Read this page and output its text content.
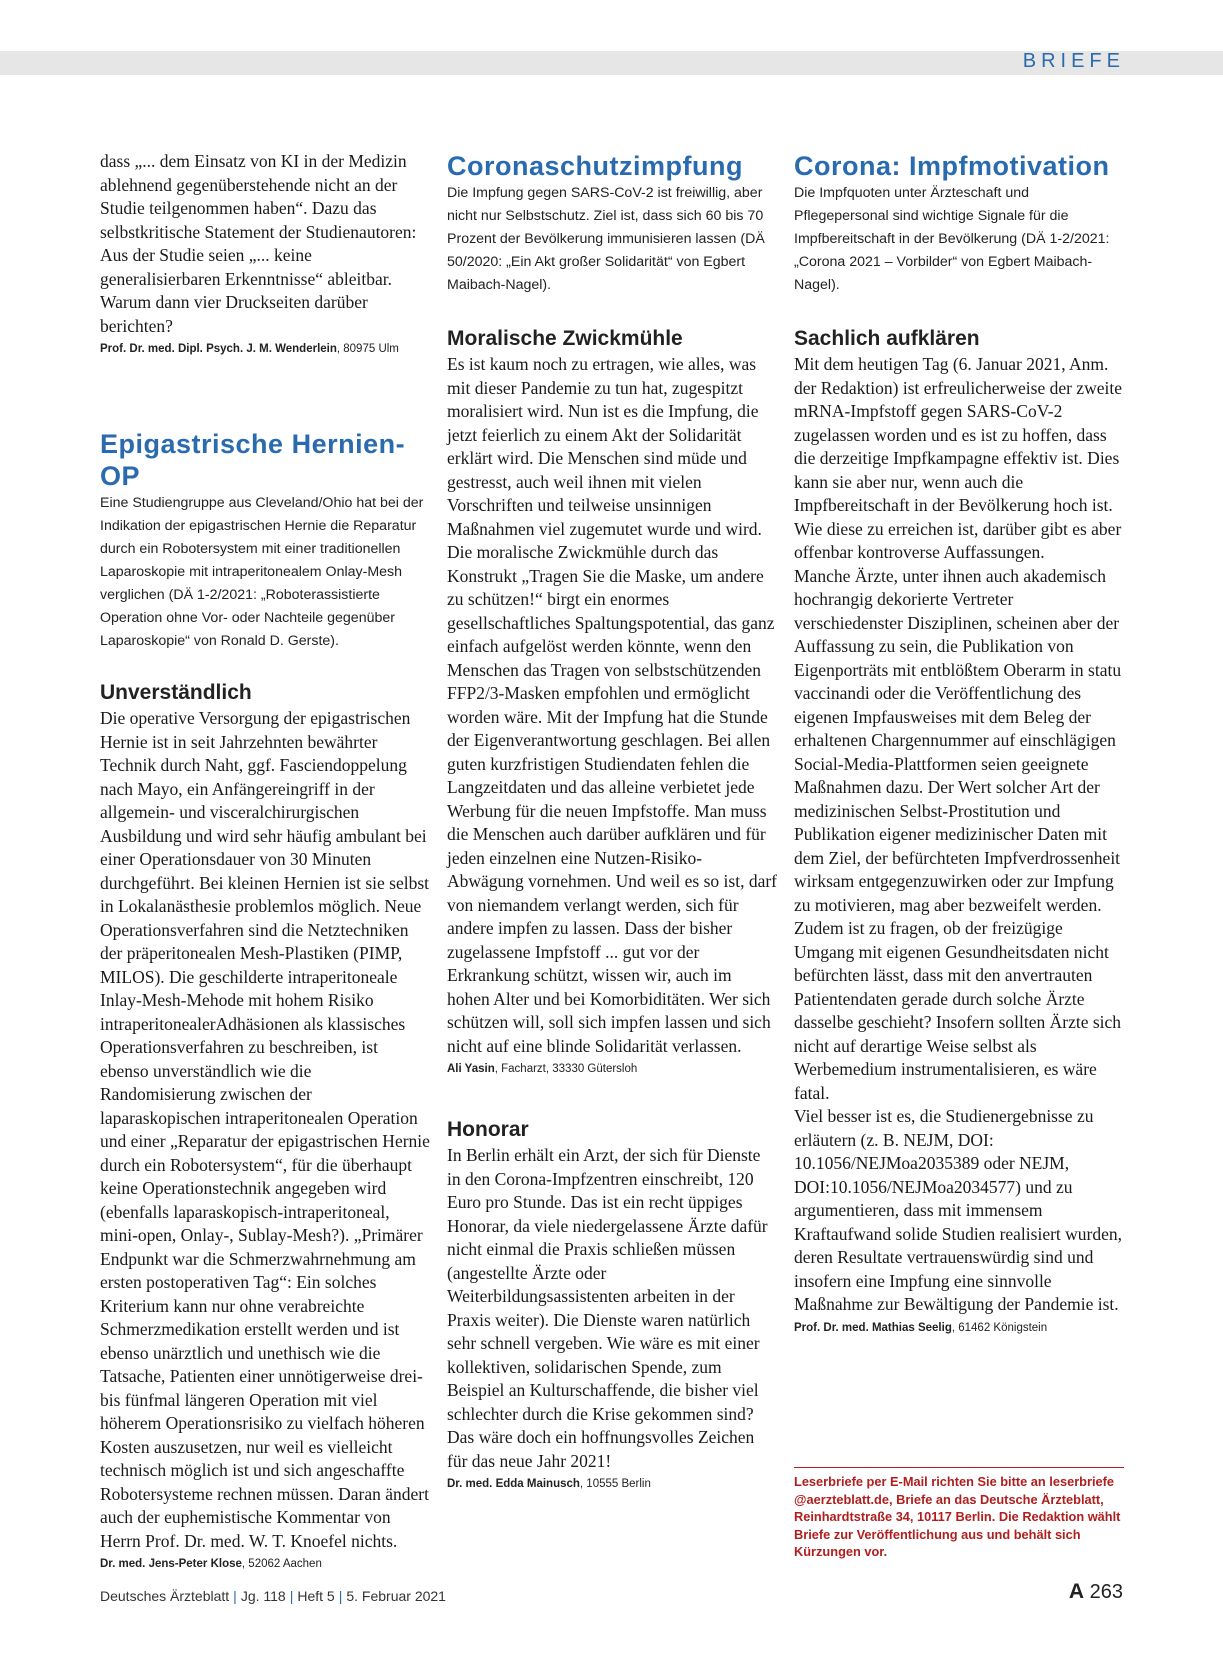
BRIEFE

dass „... dem Einsatz von KI in der Medizin ablehnend gegenüberstehende nicht an der Studie teilgenommen haben“. Dazu das selbstkritische Statement der Studienautoren: Aus der Studie seien „... keine generalisierbaren Erkenntnisse“ ableitbar. Warum dann vier Druckseiten darüber berichten?

Prof. Dr. med. Dipl. Psych. J. M. Wenderlein, 80975 Ulm

Epigastrische Hernien-OP

Eine Studiengruppe aus Cleveland/Ohio hat bei der Indikation der epigastrischen Hernie die Reparatur durch ein Robotersystem mit einer traditionellen Laparoskopie mit intraperitonealem Onlay-Mesh verglichen (DÄ 1-2/2021: „Roboterassistierte Operation ohne Vor- oder Nachteile gegenüber Laparoskopie“ von Ronald D. Gerste).

Unverständlich

Die operative Versorgung der epigastrischen Hernie ist in seit Jahrzehnten bewährter Technik durch Naht, ggf. Fasciendoppelung nach Mayo, ein Anfängereingriff in der allgemein- und visceralchirurgischen Ausbildung und wird sehr häufig ambulant bei einer Operationsdauer von 30 Minuten durchgeführt. Bei kleinen Hernien ist sie selbst in Lokalanästhesie problemlos möglich. Neue Operationsverfahren sind die Netztechniken der präperitonealen Mesh-Plastiken (PIMP, MILOS). Die geschilderte intraperitoneale Inlay-Mesh-Mehode mit hohem Risiko intraperitonealerAdhäsionen als klassisches Operationsverfahren zu beschreiben, ist ebenso unverständlich wie die Randomisierung zwischen der laparaskopischen intraperitonealen Operation und einer „Reparatur der epigastrischen Hernie durch ein Robotersystem“, für die überhaupt keine Operationstechnik angegeben wird (ebenfalls laparaskopisch-intraperitoneal, mini-open, Onlay-, Sublay-Mesh?). „Primärer Endpunkt war die Schmerzwahrnehmung am ersten postoperativen Tag“: Ein solches Kriterium kann nur ohne verabreichte Schmerzmedikation erstellt werden und ist ebenso unärztlich und unethisch wie die Tatsache, Patienten einer unnötigerweise drei- bis fünfmal längeren Operation mit viel höherem Operationsrisiko zu vielfach höheren Kosten auszusetzen, nur weil es vielleicht technisch möglich ist und sich angeschaffte Robotersysteme rechnen müssen. Daran ändert auch der euphemistische Kommentar von Herrn Prof. Dr. med. W. T. Knoefel nichts.

Dr. med. Jens-Peter Klose, 52062 Aachen

Coronaschutzimpfung

Die Impfung gegen SARS-CoV-2 ist freiwillig, aber nicht nur Selbstschutz. Ziel ist, dass sich 60 bis 70 Prozent der Bevölkerung immunisieren lassen (DÄ 50/2020: „Ein Akt großer Solidarität“ von Egbert Maibach-Nagel).

Moralische Zwickmühle

Es ist kaum noch zu ertragen, wie alles, was mit dieser Pandemie zu tun hat, zugespitzt moralisiert wird. Nun ist es die Impfung, die jetzt feierlich zu einem Akt der Solidarität erklärt wird. Die Menschen sind müde und gestresst, auch weil ihnen mit vielen Vorschriften und teilweise unsinnigen Maßnahmen viel zugemutet wurde und wird. Die moralische Zwickmühle durch das Konstrukt „Tragen Sie die Maske, um andere zu schützen!“ birgt ein enormes gesellschaftliches Spaltungspotential, das ganz einfach aufgelöst werden könnte, wenn den Menschen das Tragen von selbstschützenden FFP2/3-Masken empfohlen und ermöglicht worden wäre. Mit der Impfung hat die Stunde der Eigenverantwortung geschlagen. Bei allen guten kurzfristigen Studiendaten fehlen die Langzeitdaten und das alleine verbietet jede Werbung für die neuen Impfstoffe. Man muss die Menschen auch darüber aufklären und für jeden einzelnen eine Nutzen-Risiko-Abwägung vornehmen. Und weil es so ist, darf von niemandem verlangt werden, sich für andere impfen zu lassen. Dass der bisher zugelassene Impfstoff ... gut vor der Erkrankung schützt, wissen wir, auch im hohen Alter und bei Komorbiditäten. Wer sich schützen will, soll sich impfen lassen und sich nicht auf eine blinde Solidarität verlassen.

Ali Yasin, Facharzt, 33330 Gütersloh

Honorar

In Berlin erhält ein Arzt, der sich für Dienste in den Corona-Impfzentren einschreibt, 120 Euro pro Stunde. Das ist ein recht üppiges Honorar, da viele niedergelassene Ärzte dafür nicht einmal die Praxis schließen müssen (angestellte Ärzte oder Weiterbildungsassistenten arbeiten in der Praxis weiter). Die Dienste waren natürlich sehr schnell vergeben. Wie wäre es mit einer kollektiven, solidarischen Spende, zum Beispiel an Kulturschaffende, die bisher viel schlechter durch die Krise gekommen sind? Das wäre doch ein hoffnungsvolles Zeichen für das neue Jahr 2021!

Dr. med. Edda Mainusch, 10555 Berlin

Corona: Impfmotivation

Die Impfquoten unter Ärzteschaft und Pflegepersonal sind wichtige Signale für die Impfbereitschaft in der Bevölkerung (DÄ 1-2/2021: „Corona 2021 – Vorbilder“ von Egbert Maibach-Nagel).

Sachlich aufklären

Mit dem heutigen Tag (6. Januar 2021, Anm. der Redaktion) ist erfreulicherweise der zweite mRNA-Impfstoff gegen SARS-CoV-2 zugelassen worden und es ist zu hoffen, dass die derzeitige Impfkampagne effektiv ist. Dies kann sie aber nur, wenn auch die Impfbereitschaft in der Bevölkerung hoch ist. Wie diese zu erreichen ist, darüber gibt es aber offenbar kontroverse Auffassungen.

Manche Ärzte, unter ihnen auch akademisch hochrangig dekorierte Vertreter verschiedenster Disziplinen, scheinen aber der Auffassung zu sein, die Publikation von Eigenporträts mit entblößtem Oberarm in statu vaccinandi oder die Veröffentlichung des eigenen Impfausweises mit dem Beleg der erhaltenen Chargennummer auf einschlägigen Social-Media-Plattformen seien geeignete Maßnahmen dazu. Der Wert solcher Art der medizinischen Selbst-Prostitution und Publikation eigener medizinischer Daten mit dem Ziel, der befürchteten Impfverdrossenheit wirksam entgegenzuwirken oder zur Impfung zu motivieren, mag aber bezweifelt werden.

Zudem ist zu fragen, ob der freizügige Umgang mit eigenen Gesundheitsdaten nicht befürchten lässt, dass mit den anvertrauten Patientendaten gerade durch solche Ärzte dasselbe geschieht? Insofern sollten Ärzte sich nicht auf derartige Weise selbst als Werbemedium instrumentalisieren, es wäre fatal.

Viel besser ist es, die Studienergebnisse zu erläutern (z. B. NEJM, DOI: 10.1056/NEJMoa2035389 oder NEJM, DOI:10.1056/NEJMoa2034577) und zu argumentieren, dass mit immensem Kraftaufwand solide Studien realisiert wurden, deren Resultate vertrauenswürdig sind und insofern eine Impfung eine sinnvolle Maßnahme zur Bewältigung der Pandemie ist.

Prof. Dr. med. Mathias Seelig, 61462 Königstein

Leserbriefe per E-Mail richten Sie bitte an leserbriefe @aerzteblatt.de, Briefe an das Deutsche Ärzteblatt, Reinhardtstraße 34, 10117 Berlin. Die Redaktion wählt Briefe zur Veröffentlichung aus und behält sich Kürzungen vor.
Deutsches Ärzteblatt | Jg. 118 | Heft 5 | 5. Februar 2021	A 263
